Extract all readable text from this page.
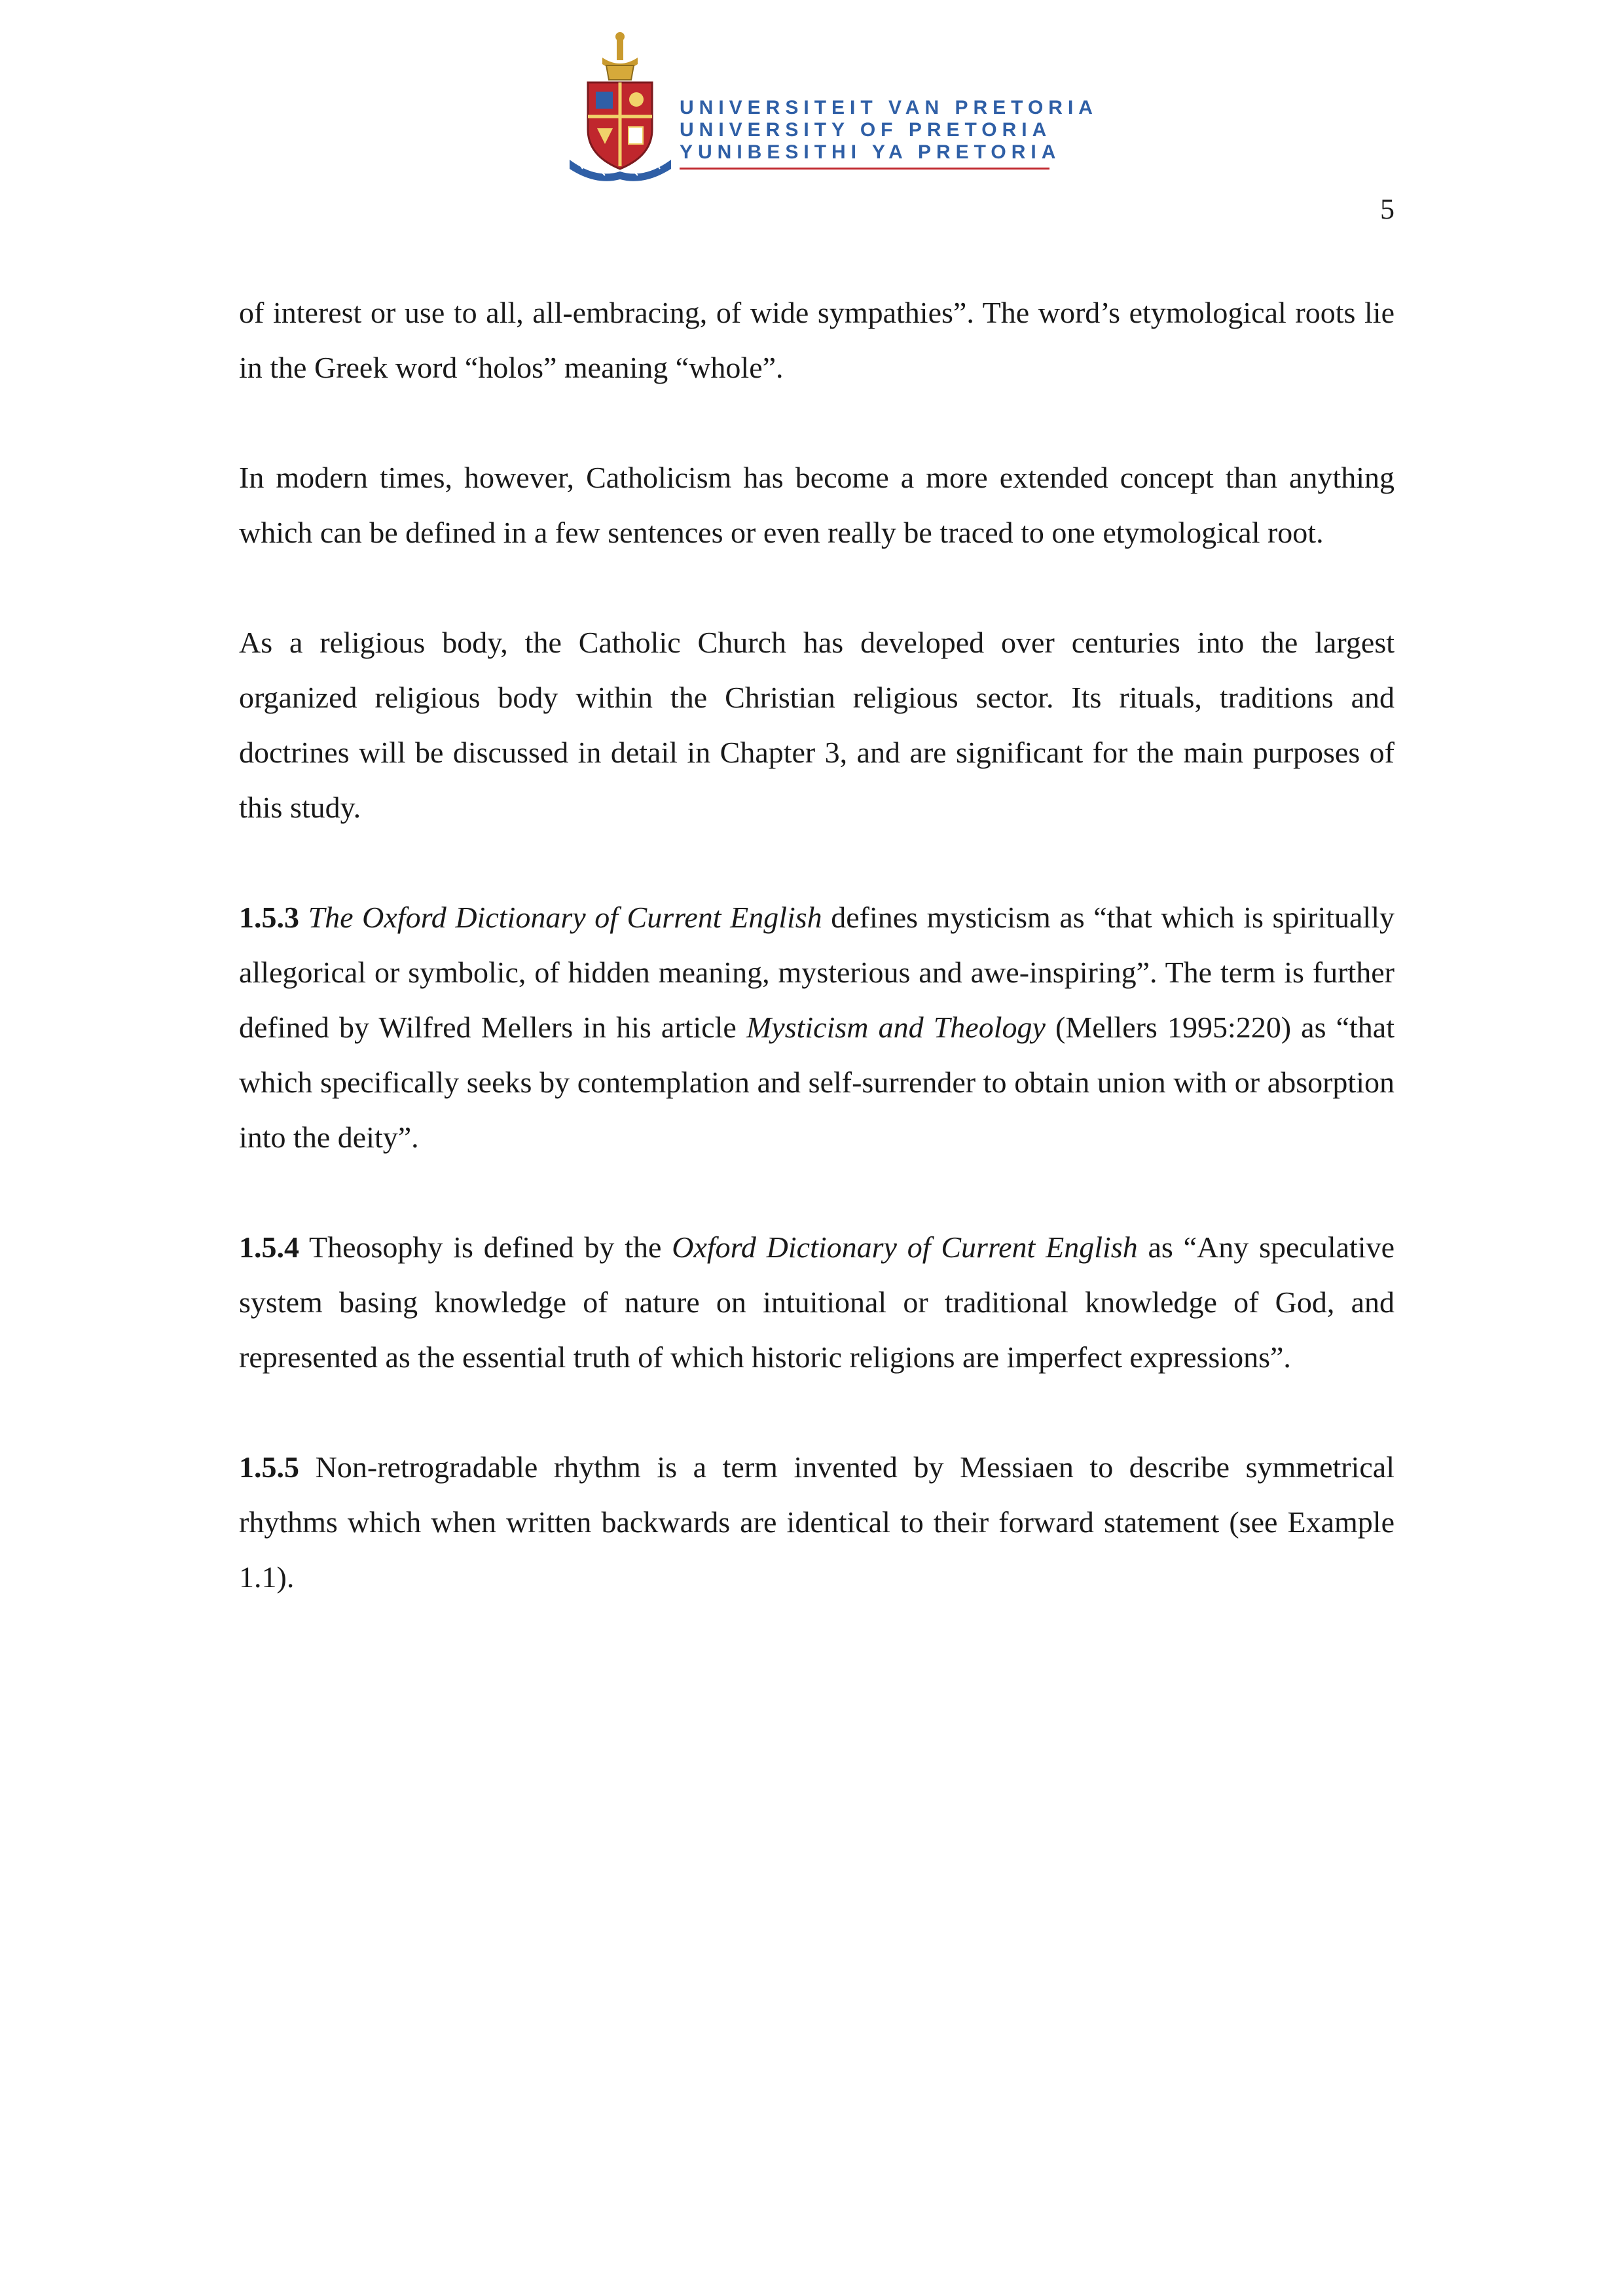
UNIVERSITEIT VAN PRETORIA
UNIVERSITY OF PRETORIA
YUNIBESITHI YA PRETORIA
5

of interest or use to all, all-embracing, of wide sympathies”. The word’s etymological roots lie in the Greek word “holos” meaning “whole”.

In modern times, however, Catholicism has become a more extended concept than anything which can be defined in a few sentences or even really be traced to one etymological root.

As a religious body, the Catholic Church has developed over centuries into the largest organized religious body within the Christian religious sector. Its rituals, traditions and doctrines will be discussed in detail in Chapter 3, and are significant for the main purposes of this study.

1.5.3 The Oxford Dictionary of Current English defines mysticism as “that which is spiritually allegorical or symbolic, of hidden meaning, mysterious and awe-inspiring”. The term is further defined by Wilfred Mellers in his article Mysticism and Theology (Mellers 1995:220) as “that which specifically seeks by contemplation and self-surrender to obtain union with or absorption into the deity”.

1.5.4 Theosophy is defined by the Oxford Dictionary of Current English as “Any speculative system basing knowledge of nature on intuitional or traditional knowledge of God, and represented as the essential truth of which historic religions are imperfect expressions”.

1.5.5 Non-retrogradable rhythm is a term invented by Messiaen to describe symmetrical rhythms which when written backwards are identical to their forward statement (see Example 1.1).
